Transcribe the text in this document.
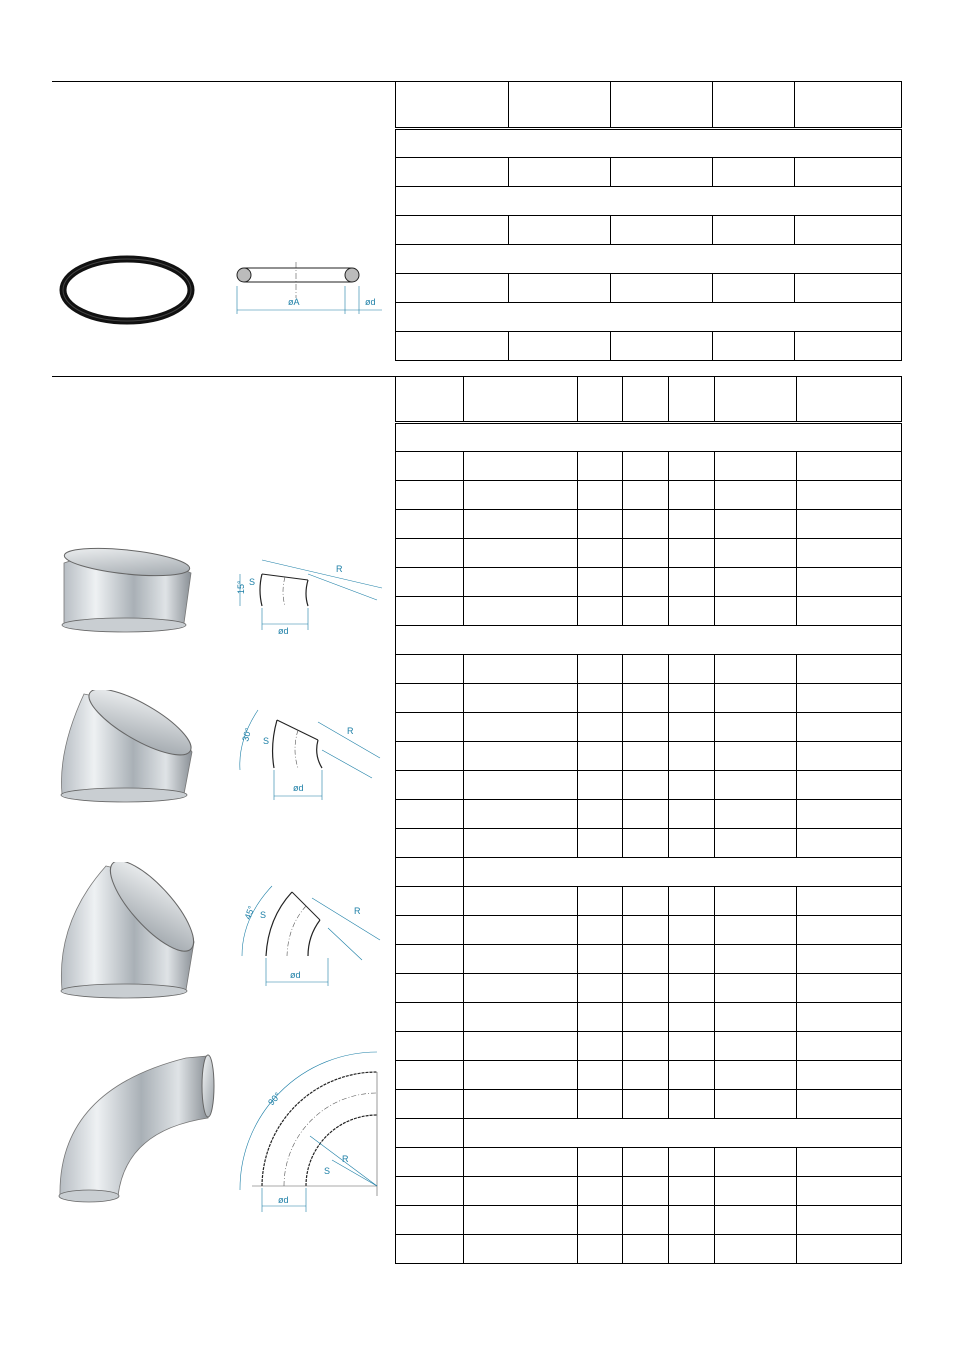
øA	ød

15° S
R
ød
30° S
R
ød
45° S	R
ød
90°
S
R
ød
